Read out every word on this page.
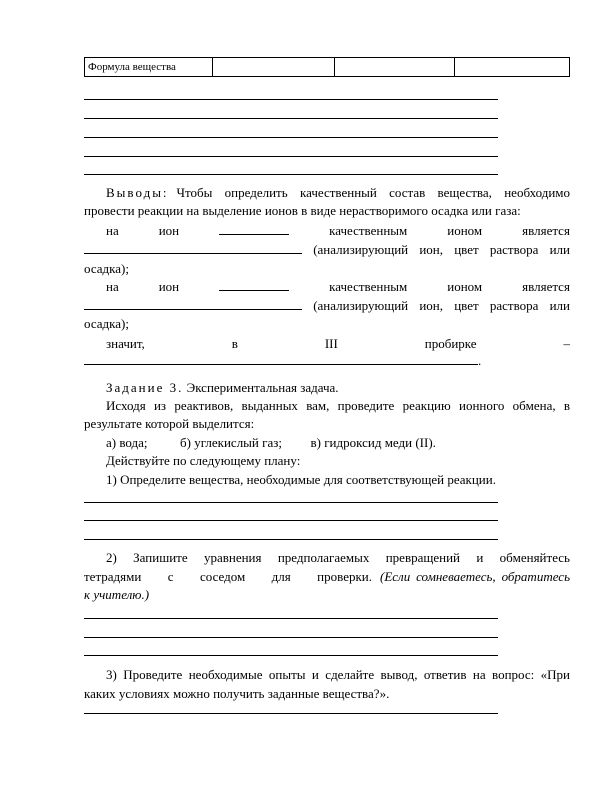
Формула вещества
Выводы: Чтобы определить качественный состав вещества, необходимо
провести реакции на выделение ионов в виде нерастворимого осадка или газа:
на	ион	качественным	ионом	является
(анализирующий ион, цвет раствора или
осадка);
на	ион	качественным	ионом	является
(анализирующий ион, цвет раствора или
осадка);
значит,	в	III	пробирке	–
.
Задание 3. Экспериментальная задача.
Исходя из реактивов, выданных вам, проведите реакцию ионного обмена, в
результате которой выделится:
а) вода;	б) углекислый газ; в) гидроксид меди (II).
Действуйте по следующему плану:
1) Определите вещества, необходимые для соответствующей реакции.
2) Запишите уравнения предполагаемых превращений и обменяйтесь
тетрадями с соседом для проверки. (Если сомневаетесь, обратитесь
к учителю.)
3) Проведите необходимые опыты и сделайте вывод, ответив на вопрос: «При
каких условиях можно получить заданные вещества?».
